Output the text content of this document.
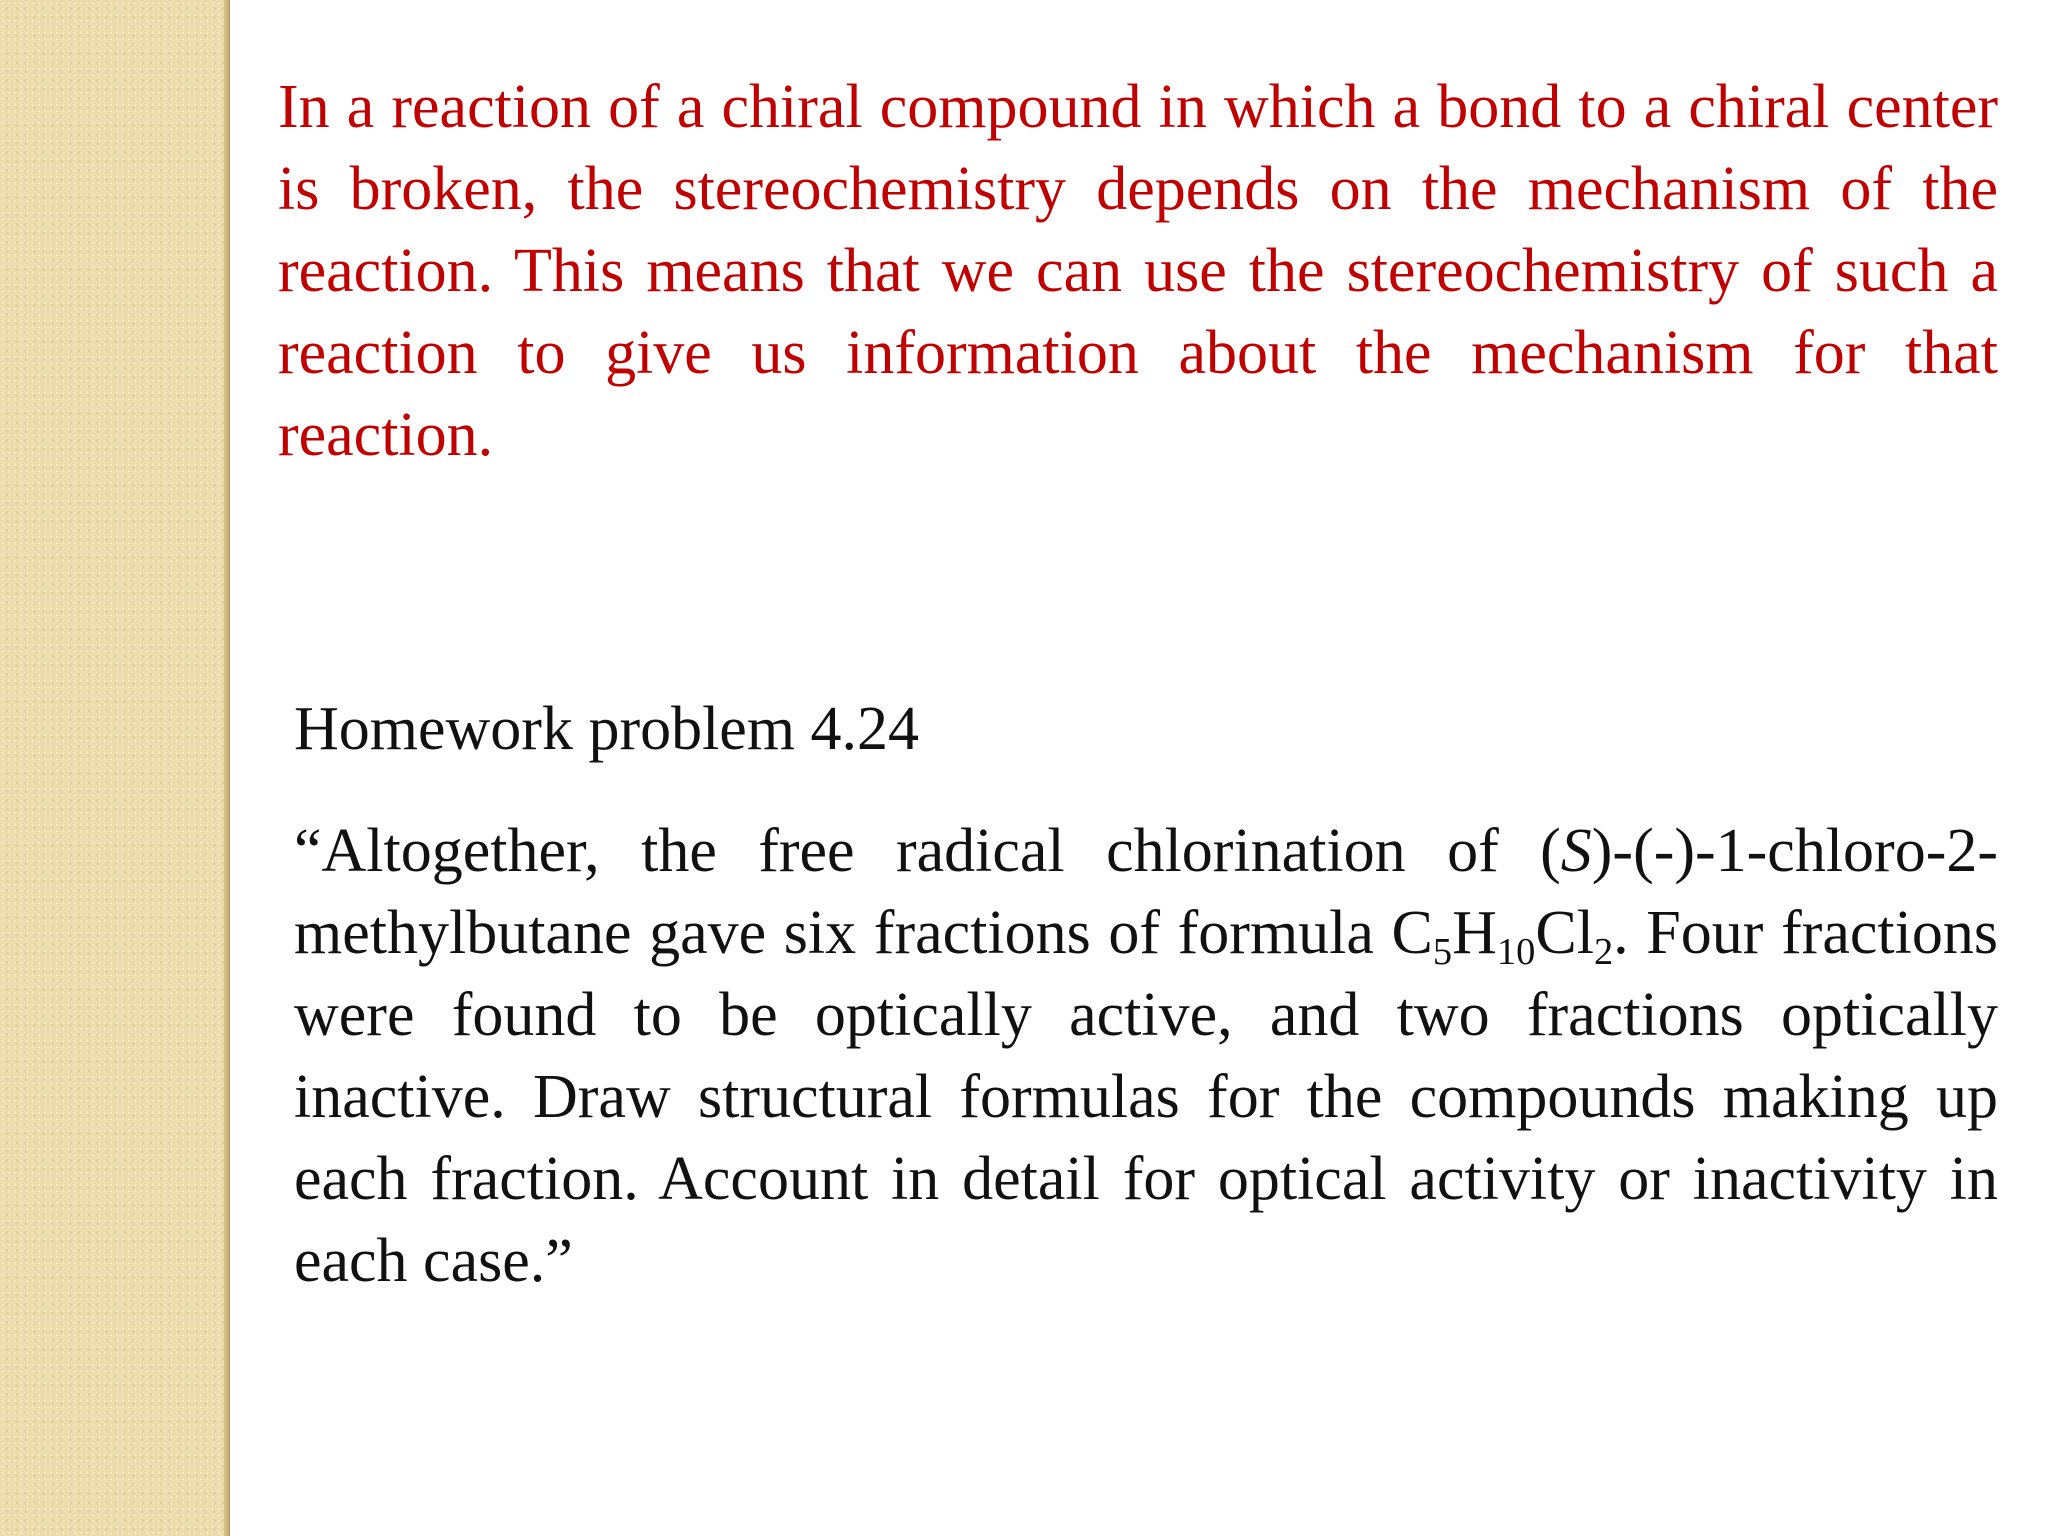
In a reaction of a chiral compound in which a bond to a chiral center is broken, the stereochemistry depends on the mechanism of the reaction. This means that we can use the stereochemistry of such a reaction to give us information about the mechanism for that reaction.

Homework problem 4.24

“Altogether, the free radical chlorination of (S)-(-)-1-chloro-2-methylbutane gave six fractions of formula $C_5H_{10}Cl_2$. Four fractions were found to be optically active, and two fractions optically inactive. Draw structural formulas for the compounds making up each fraction. Account in detail for optical activity or inactivity in each case.”
